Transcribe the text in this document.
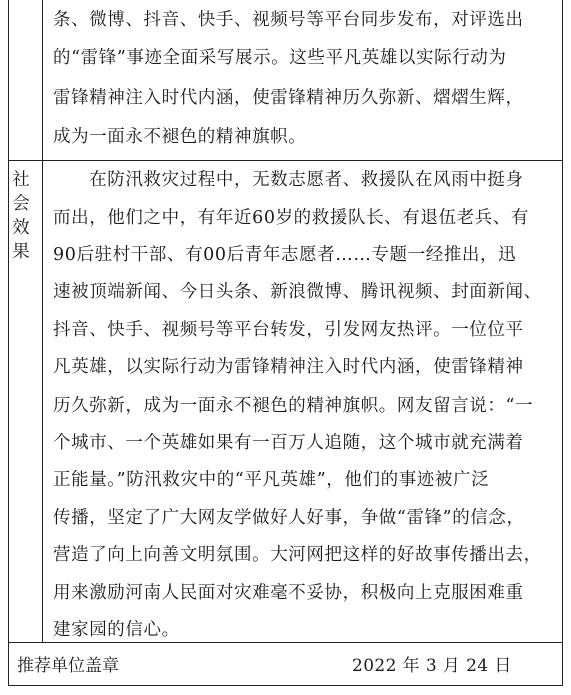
条、微博、抖音、快手、视频号等平台同步发布，对评选出
的“雷锋”事迹全面采写展示。这些平凡英雄以实际行动为
雷锋精神注入时代内涵，使雷锋精神历久弥新、熠熠生辉，
成为一面永不褪色的精神旗帜。
社
会
效
果
　　在防汛救灾过程中，无数志愿者、救援队在风雨中挺身
而出，他们之中，有年近60岁的救援队长、有退伍老兵、有
90后驻村干部、有00后青年志愿者……专题一经推出，迅
速被顶端新闻、今日头条、新浪微博、腾讯视频、封面新闻、
抖音、快手、视频号等平台转发，引发网友热评。一位位平
凡英雄，以实际行动为雷锋精神注入时代内涵，使雷锋精神
历久弥新，成为一面永不褪色的精神旗帜。网友留言说：“一
个城市、一个英雄如果有一百万人追随，这个城市就充满着
正能量。”防汛救灾中的“平凡英雄”，他们的事迹被广泛
传播，坚定了广大网友学做好人好事，争做“雷锋”的信念，
营造了向上向善文明氛围。大河网把这样的好故事传播出去，
用来激励河南人民面对灾难毫不妥协，积极向上克服困难重
建家园的信心。
推荐单位盖章	2022 年 3 月 24 日
